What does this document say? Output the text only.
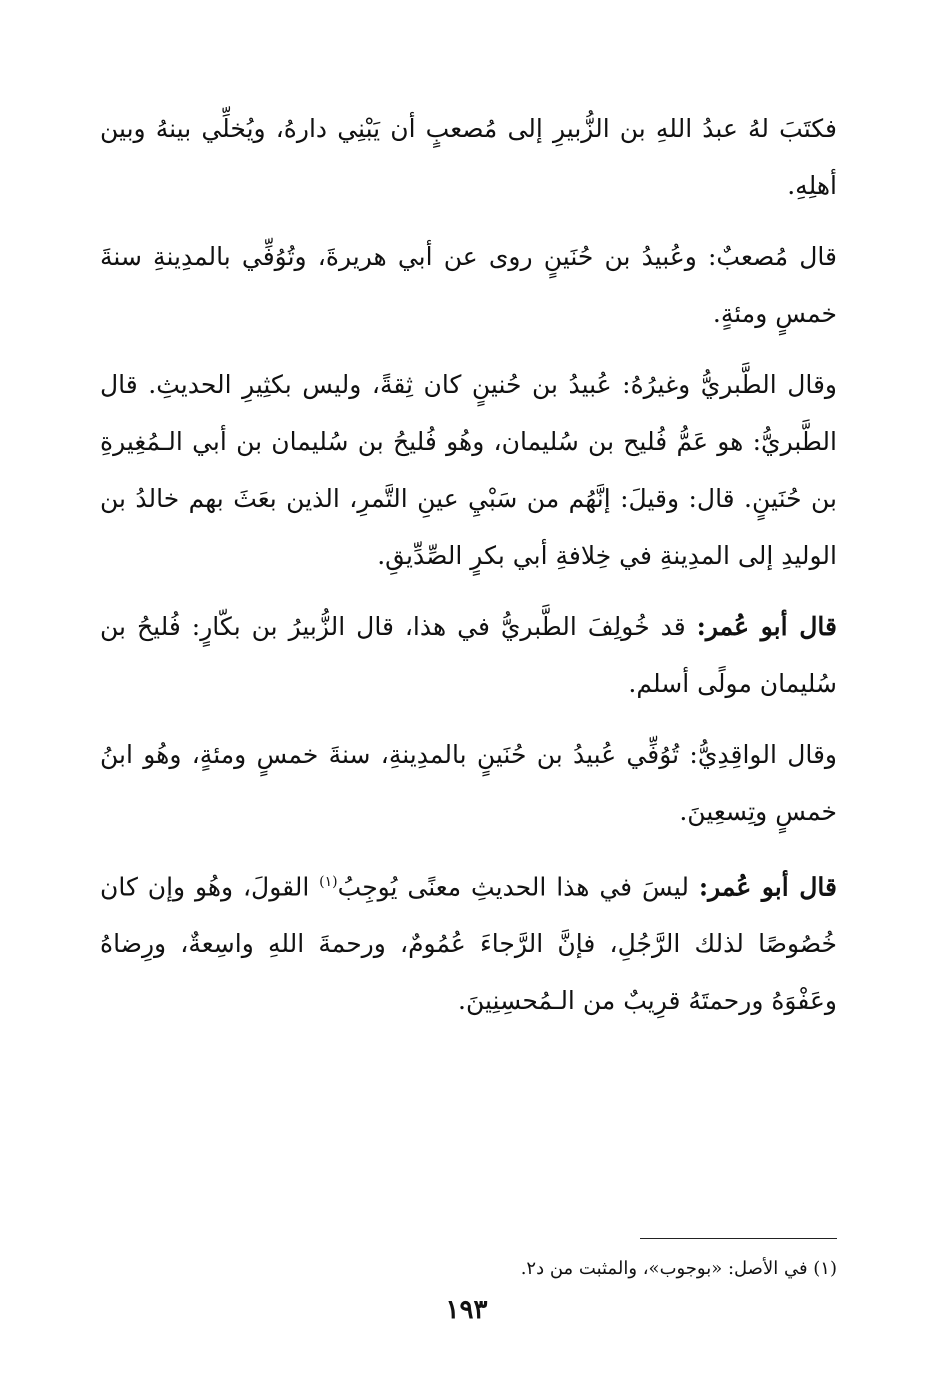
فكتَبَ لهُ عبدُ اللهِ بن الزُّبيرِ إلى مُصعبٍ أن يَبْنِي دارهُ، ويُخلِّي بينهُ وبين أهلِهِ.

قال مُصعبٌ: وعُبيدُ بن حُنَينٍ روى عن أبي هريرةَ، وتُوُفِّي بالمدِينةِ سنةَ خمسٍ ومئةٍ.

وقال الطَّبريُّ وغيرُهُ: عُبيدُ بن حُنينٍ كان ثِقةً، وليس بكثِيرِ الحديثِ. قال الطَّبريُّ: هو عَمُّ فُليح بن سُليمان، وهُو فُليحُ بن سُليمان بن أبي الـمُغِيرةِ بن حُنَينٍ. قال: وقيلَ: إنَّهُم من سَبْيِ عينِ التَّمرِ، الذين بعَثَ بهم خالدُ بن الوليدِ إلى المدِينةِ في خِلافةِ أبي بكرٍ الصِّدِّيقِ.

قال أبو عُمر: قد خُولِفَ الطَّبريُّ في هذا، قال الزُّبيرُ بن بكّارٍ: فُليحُ بن سُليمان مولًى أسلم.

وقال الواقِدِيُّ: تُوُفِّي عُبيدُ بن حُنَينٍ بالمدِينةِ، سنةَ خمسٍ ومئةٍ، وهُو ابنُ خمسٍ وتِسعِينَ.

قال أبو عُمر: ليسَ في هذا الحديثِ معنًى يُوجِبُ$^{(١)}$ القولَ، وهُو وإن كان خُصُوصًا لذلك الرَّجُلِ، فإنَّ الرَّجاءَ عُمُومٌ، ورحمةَ اللهِ واسِعةٌ، ورِضاهُ وعَفْوَهُ ورحمتَهُ قرِيبٌ من الـمُحسِنِينَ.

(١) في الأصل: «بوجوب»، والمثبت من د٢.
١٩٣
